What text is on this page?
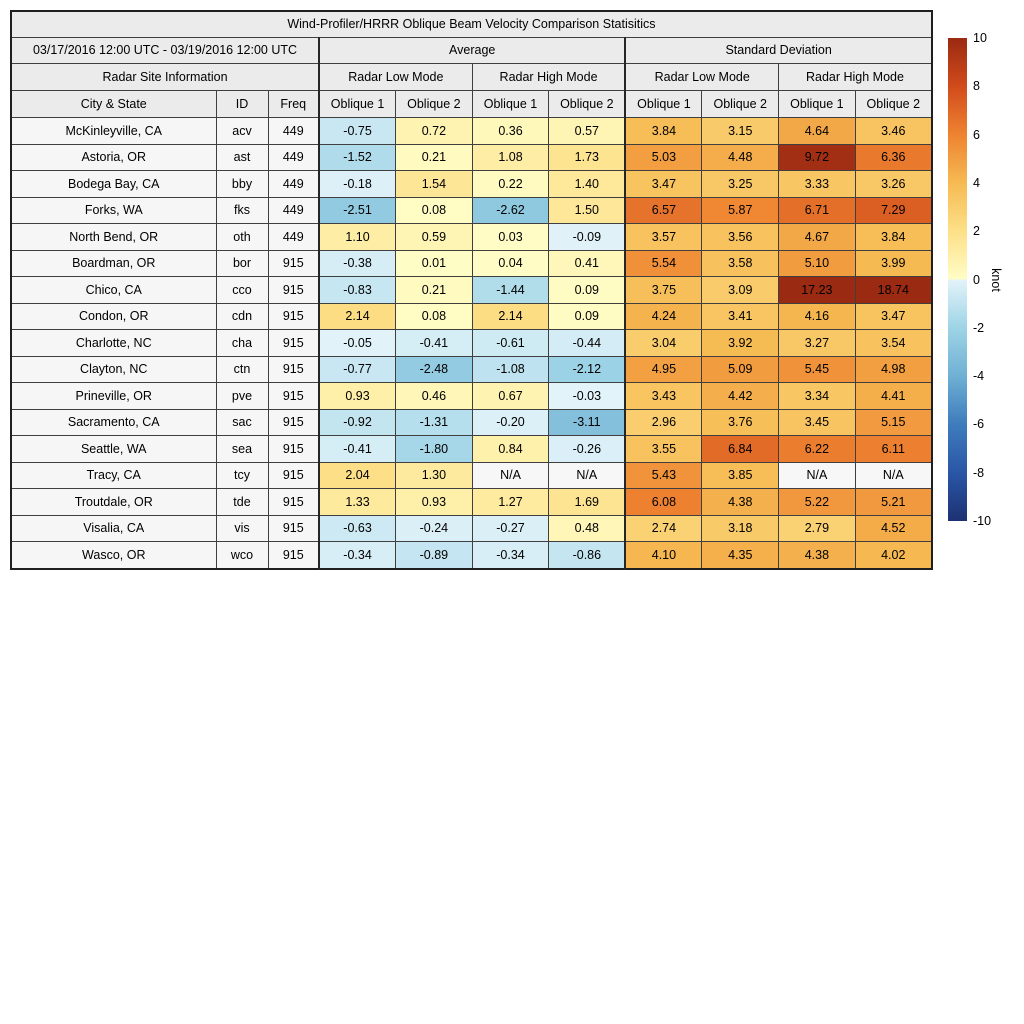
Wind-Profiler/HRRR Oblique Beam Velocity Comparison Statisitics										
03/17/2016 12:00 UTC - 03/19/2016 12:00 UTC			Average				Standard Deviation			
Radar Site Information			Radar Low Mode		Radar High Mode		Radar Low Mode		Radar High Mode	
City & State	ID	Freq	Oblique 1	Oblique 2	Oblique 1	Oblique 2	Oblique 1	Oblique 2	Oblique 1	Oblique 2
McKinleyville, CA	acv	449	-0.75	0.72	0.36	0.57	3.84	3.15	4.64	3.46
Astoria, OR	ast	449	-1.52	0.21	1.08	1.73	5.03	4.48	9.72	6.36
Bodega Bay, CA	bby	449	-0.18	1.54	0.22	1.40	3.47	3.25	3.33	3.26
Forks, WA	fks	449	-2.51	0.08	-2.62	1.50	6.57	5.87	6.71	7.29
North Bend, OR	oth	449	1.10	0.59	0.03	-0.09	3.57	3.56	4.67	3.84
Boardman, OR	bor	915	-0.38	0.01	0.04	0.41	5.54	3.58	5.10	3.99
Chico, CA	cco	915	-0.83	0.21	-1.44	0.09	3.75	3.09	17.23	18.74
Condon, OR	cdn	915	2.14	0.08	2.14	0.09	4.24	3.41	4.16	3.47
Charlotte, NC	cha	915	-0.05	-0.41	-0.61	-0.44	3.04	3.92	3.27	3.54
Clayton, NC	ctn	915	-0.77	-2.48	-1.08	-2.12	4.95	5.09	5.45	4.98
Prineville, OR	pve	915	0.93	0.46	0.67	-0.03	3.43	4.42	3.34	4.41
Sacramento, CA	sac	915	-0.92	-1.31	-0.20	-3.11	2.96	3.76	3.45	5.15
Seattle, WA	sea	915	-0.41	-1.80	0.84	-0.26	3.55	6.84	6.22	6.11
Tracy, CA	tcy	915	2.04	1.30	N/A	N/A	5.43	3.85	N/A	N/A
Troutdale, OR	tde	915	1.33	0.93	1.27	1.69	6.08	4.38	5.22	5.21
Visalia, CA	vis	915	-0.63	-0.24	-0.27	0.48	2.74	3.18	2.79	4.52
Wasco, OR	wco	915	-0.34	-0.89	-0.34	-0.86	4.10	4.35	4.38	4.02
10
8
6
4
2
0
-2
-4
-6
-8
-10
knot
